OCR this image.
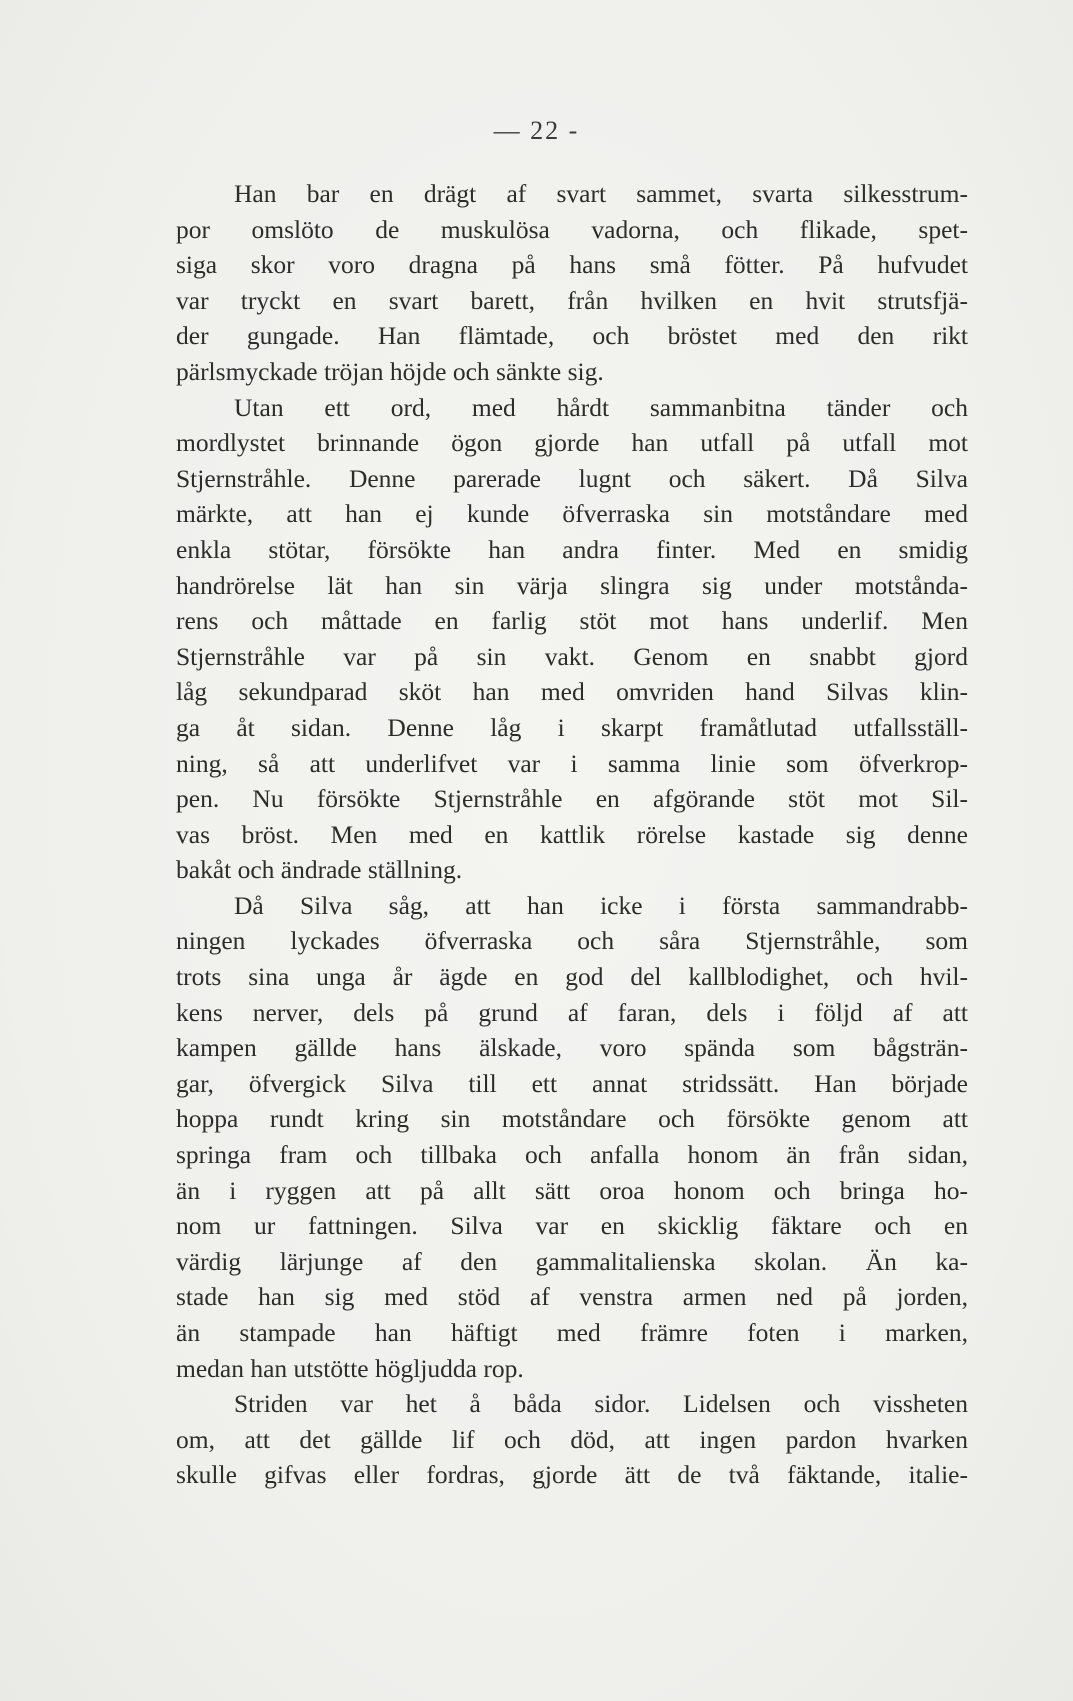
— 22 -
Han bar en drägt af svart sammet, svarta silkesstrum-
por omslöto de muskulösa vadorna, och flikade, spet-
siga skor voro dragna på hans små fötter. På hufvudet
var tryckt en svart barett, från hvilken en hvit strutsfjä-
der gungade. Han flämtade, och bröstet med den rikt
pärlsmyckade tröjan höjde och sänkte sig.
Utan ett ord, med hårdt sammanbitna tänder och
mordlystet brinnande ögon gjorde han utfall på utfall mot
Stjernstråhle. Denne parerade lugnt och säkert. Då Silva
märkte, att han ej kunde öfverraska sin motståndare med
enkla stötar, försökte han andra finter. Med en smidig
handrörelse lät han sin värja slingra sig under motstånda-
rens och måttade en farlig stöt mot hans underlif. Men
Stjernstråhle var på sin vakt. Genom en snabbt gjord
låg sekundparad sköt han med omvriden hand Silvas klin-
ga åt sidan. Denne låg i skarpt framåtlutad utfallsställ-
ning, så att underlifvet var i samma linie som öfverkrop-
pen. Nu försökte Stjernstråhle en afgörande stöt mot Sil-
vas bröst. Men med en kattlik rörelse kastade sig denne
bakåt och ändrade ställning.
Då Silva såg, att han icke i första sammandrabb-
ningen lyckades öfverraska och såra Stjernstråhle, som
trots sina unga år ägde en god del kallblodighet, och hvil-
kens nerver, dels på grund af faran, dels i följd af att
kampen gällde hans älskade, voro spända som bågsträn-
gar, öfvergick Silva till ett annat stridssätt. Han började
hoppa rundt kring sin motståndare och försökte genom att
springa fram och tillbaka och anfalla honom än från sidan,
än i ryggen att på allt sätt oroa honom och bringa ho-
nom ur fattningen. Silva var en skicklig fäktare och en
värdig lärjunge af den gammalitalienska skolan. Än ka-
stade han sig med stöd af venstra armen ned på jorden,
än stampade han häftigt med främre foten i marken,
medan han utstötte högljudda rop.
Striden var het å båda sidor. Lidelsen och vissheten
om, att det gällde lif och död, att ingen pardon hvarken
skulle gifvas eller fordras, gjorde ätt de två fäktande, italie-
